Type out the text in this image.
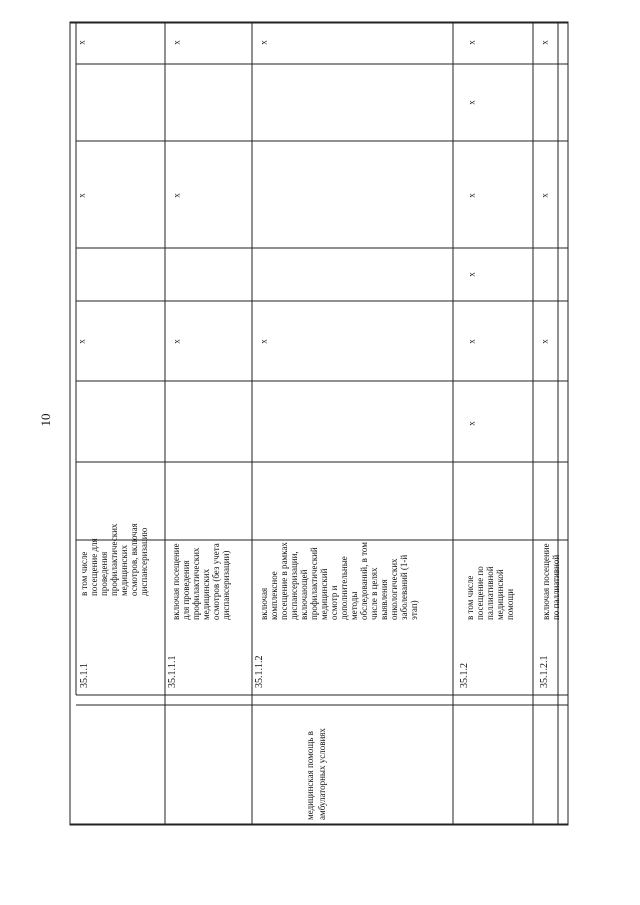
10
медицинская помощь в амбулаторных условиях
35.1.1
в том числе посещение для проведения профилактических медицинских осмотров, включая диспансеризацию
x
x
x
35.1.1.1
включая посещение для проведения профилактических медицинских осмотров (без учета диспансеризации)
x
x
x
35.1.1.2
включая комплексное посещение в рамках диспансеризации, включающей профилактический медицинский осмотр и дополнительные методы обследований, в том числе в целях выявления онкологических заболеваний (1-й этап)
x
x
35.1.2
в том числе посещение по паллиативной медицинской помощи
x
x
x
x
x
x
35.1.2.1
включая посещение по паллиативной
x
x
x
